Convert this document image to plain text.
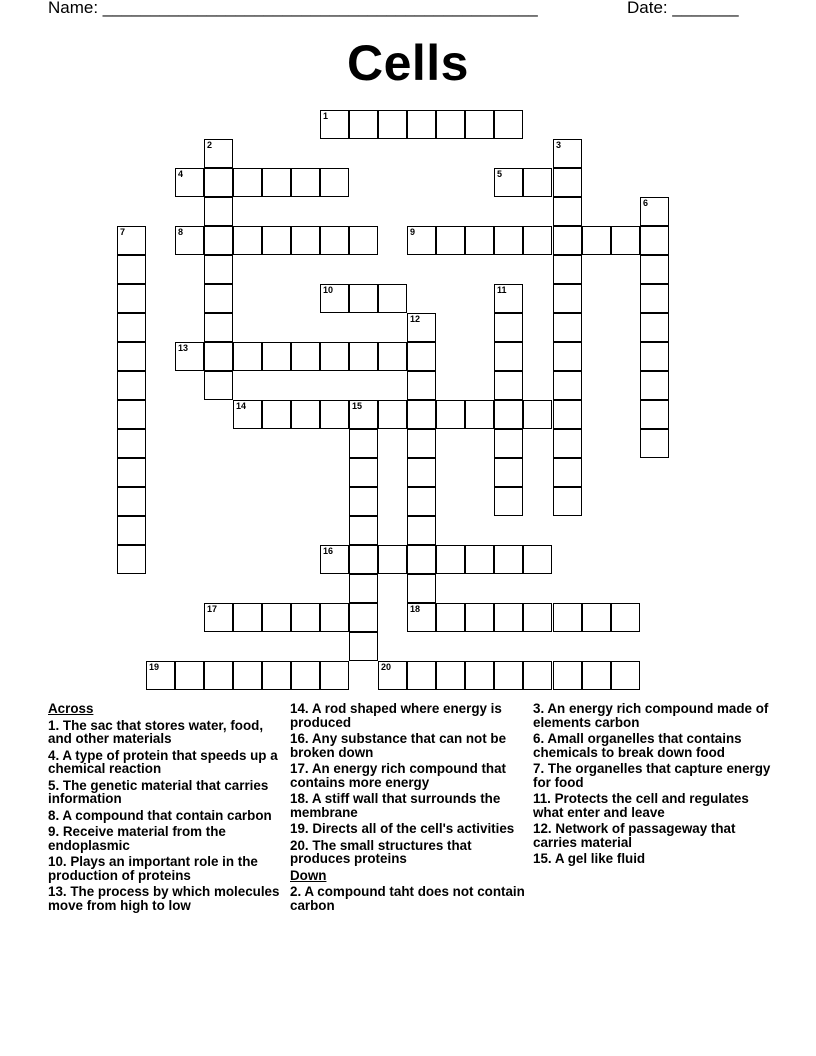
Name: ______________________________________________	Date: _______
Cells
1
2	3
4	5
6
7	8	9
10	11
12
13
14	15
16
17	18
19	20
Across
1. The sac that stores water, food, and other materials
4. A type of protein that speeds up a chemical reaction
5. The genetic material that carries information
8. A compound that contain carbon
9. Receive material from the endoplasmic
10. Plays an important role in the production of proteins
13. The process by which molecules move from high to low
14. A rod shaped where energy is produced
16. Any substance that can not be broken down
17. An energy rich compound that contains more energy
18. A stiff wall that surrounds the membrane
19. Directs all of the cell's activities
20. The small structures that produces proteins
Down
2. A compound taht does not contain carbon
3. An energy rich compound made of elements carbon
6. Amall organelles that contains chemicals to break down food
7. The organelles that capture energy for food
11. Protects the cell and regulates what enter and leave
12. Network of passageway that carries material
15. A gel like fluid
